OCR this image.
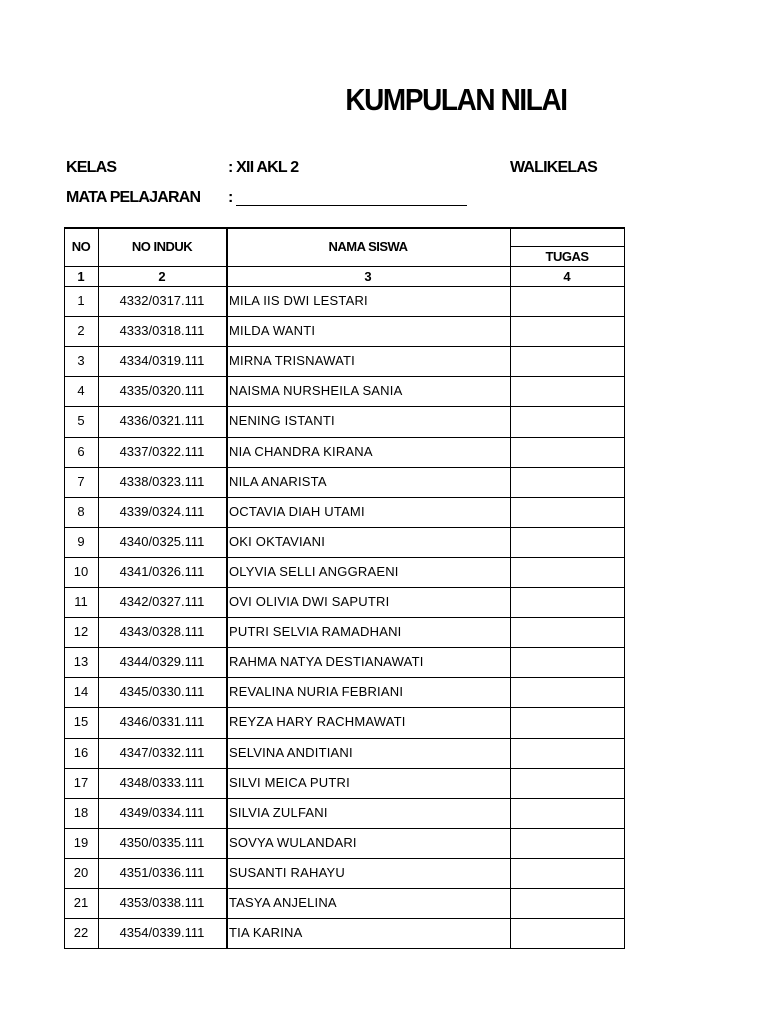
KUMPULAN NILAI
KELAS	: XII AKL 2	WALIKELAS
MATA PELAJARAN :
NO	NO INDUK	NAMA SISWA
TUGAS
1	2	3	4
1	4332/0317.111	MILA IIS DWI LESTARI
2	4333/0318.111	MILDA WANTI
3	4334/0319.111	MIRNA TRISNAWATI
4	4335/0320.111	NAISMA NURSHEILA SANIA
5	4336/0321.111	NENING ISTANTI
6	4337/0322.111	NIA CHANDRA KIRANA
7	4338/0323.111	NILA ANARISTA
8	4339/0324.111	OCTAVIA DIAH UTAMI
9	4340/0325.111	OKI OKTAVIANI
10	4341/0326.111	OLYVIA SELLI ANGGRAENI
11	4342/0327.111	OVI OLIVIA DWI SAPUTRI
12	4343/0328.111	PUTRI SELVIA RAMADHANI
13	4344/0329.111	RAHMA NATYA DESTIANAWATI
14	4345/0330.111	REVALINA NURIA FEBRIANI
15	4346/0331.111	REYZA HARY RACHMAWATI
16	4347/0332.111	SELVINA ANDITIANI
17	4348/0333.111	SILVI MEICA PUTRI
18	4349/0334.111	SILVIA ZULFANI
19	4350/0335.111	SOVYA WULANDARI
20	4351/0336.111	SUSANTI RAHAYU
21	4353/0338.111	TASYA ANJELINA
22	4354/0339.111	TIA KARINA
